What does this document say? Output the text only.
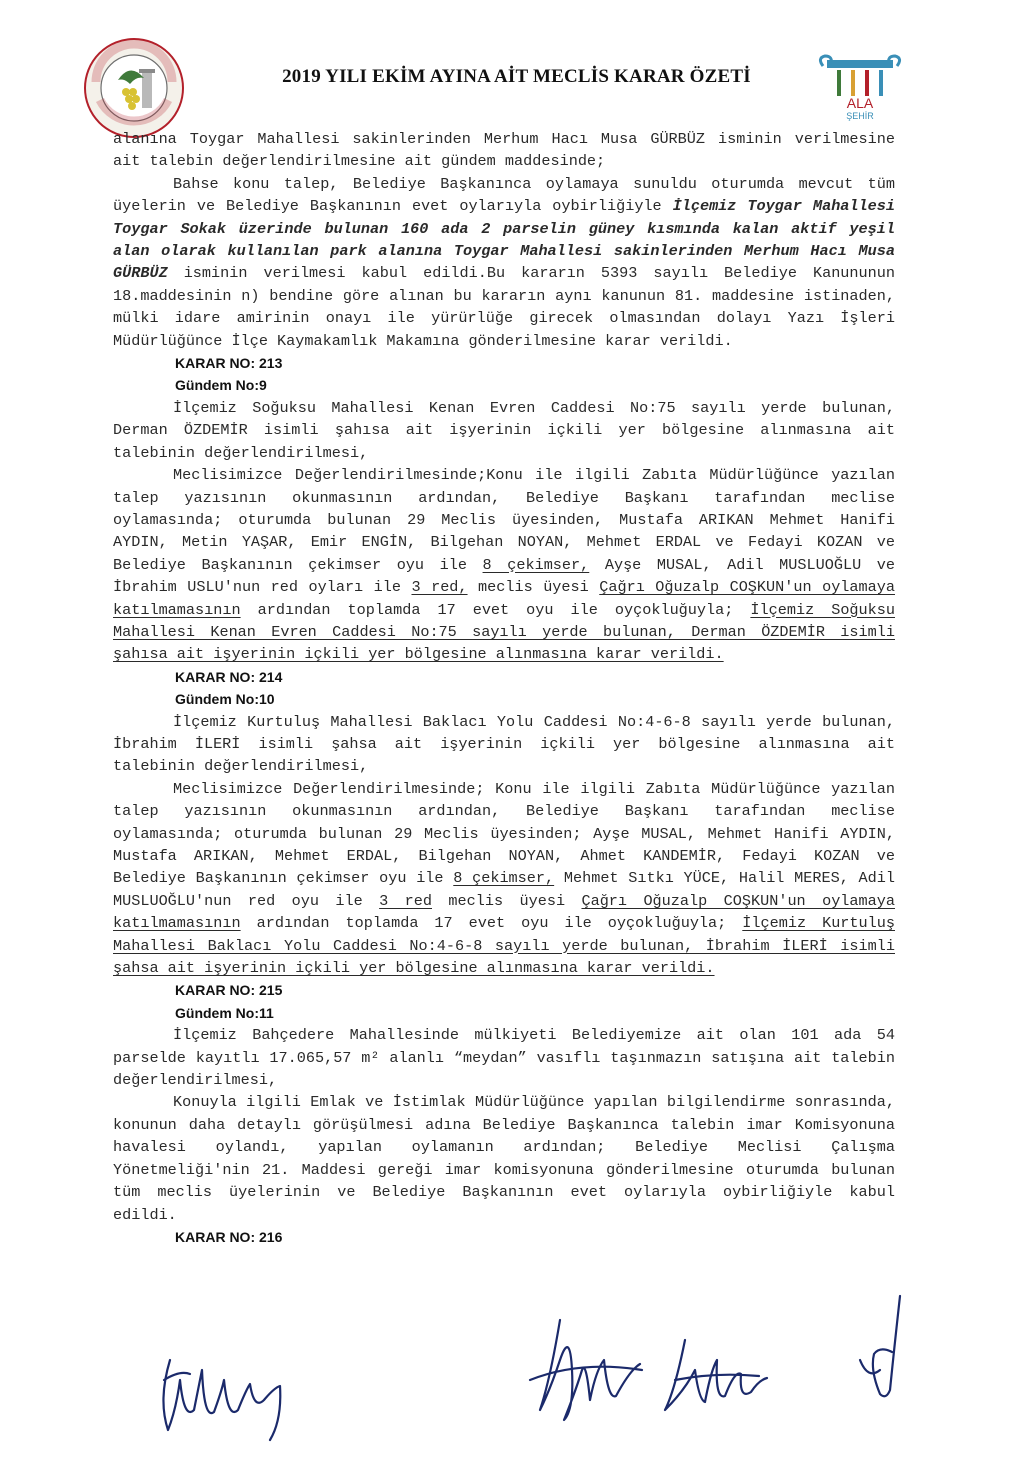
ALA
ŞEHİR
2019 YILI EKİM AYINA AİT MECLİS KARAR ÖZETİ

alanına Toygar Mahallesi sakinlerinden Merhum Hacı Musa GÜRBÜZ isminin verilmesine ait talebin değerlendirilmesine ait gündem maddesinde;

Bahse konu talep, Belediye Başkanınca oylamaya sunuldu oturumda mevcut tüm üyelerin ve Belediye Başkanının evet oylarıyla oybirliğiyle İlçemiz Toygar Mahallesi Toygar Sokak üzerinde bulunan 160 ada 2 parselin güney kısmında kalan aktif yeşil alan olarak kullanılan park alanına Toygar Mahallesi sakinlerinden Merhum Hacı Musa GÜRBÜZ isminin verilmesi kabul edildi.Bu kararın 5393 sayılı Belediye Kanununun 18.maddesinin n) bendine göre alınan bu kararın aynı kanunun 81. maddesine istinaden, mülki idare amirinin onayı ile yürürlüğe girecek olmasından dolayı Yazı İşleri Müdürlüğünce İlçe Kaymakamlık Makamına gönderilmesine karar verildi.

KARAR NO: 213

Gündem No:9

İlçemiz Soğuksu Mahallesi Kenan Evren Caddesi No:75 sayılı yerde bulunan, Derman ÖZDEMİR isimli şahısa ait işyerinin içkili yer bölgesine alınmasına ait talebinin değerlendirilmesi,

Meclisimizce Değerlendirilmesinde;Konu ile ilgili Zabıta Müdürlüğünce yazılan talep yazısının okunmasının ardından, Belediye Başkanı tarafından meclise oylamasında; oturumda bulunan 29 Meclis üyesinden, Mustafa ARIKAN Mehmet Hanifi AYDIN, Metin YAŞAR, Emir ENGİN, Bilgehan NOYAN, Mehmet ERDAL ve Fedayi KOZAN ve Belediye Başkanının çekimser oyu ile 8 çekimser, Ayşe MUSAL, Adil MUSLUOĞLU ve İbrahim USLU'nun red oyları ile 3 red, meclis üyesi Çağrı Oğuzalp COŞKUN'un oylamaya katılmamasının ardından toplamda 17 evet oyu ile oyçokluğuyla; İlçemiz Soğuksu Mahallesi Kenan Evren Caddesi No:75 sayılı yerde bulunan, Derman ÖZDEMİR isimli şahısa ait işyerinin içkili yer bölgesine alınmasına karar verildi.

KARAR NO: 214

Gündem No:10

İlçemiz Kurtuluş Mahallesi Baklacı Yolu Caddesi No:4-6-8 sayılı yerde bulunan, İbrahim İLERİ isimli şahsa ait işyerinin içkili yer bölgesine alınmasına ait talebinin değerlendirilmesi,

Meclisimizce Değerlendirilmesinde; Konu ile ilgili Zabıta Müdürlüğünce yazılan talep yazısının okunmasının ardından, Belediye Başkanı tarafından meclise oylamasında; oturumda bulunan 29 Meclis üyesinden; Ayşe MUSAL, Mehmet Hanifi AYDIN, Mustafa ARIKAN, Mehmet ERDAL, Bilgehan NOYAN, Ahmet KANDEMİR, Fedayi KOZAN ve Belediye Başkanının çekimser oyu ile 8 çekimser, Mehmet Sıtkı YÜCE, Halil MERES, Adil MUSLUOĞLU'nun red oyu ile 3 red meclis üyesi Çağrı Oğuzalp COŞKUN'un oylamaya katılmamasının ardından toplamda 17 evet oyu ile oyçokluğuyla; İlçemiz Kurtuluş Mahallesi Baklacı Yolu Caddesi No:4-6-8 sayılı yerde bulunan, İbrahim İLERİ isimli şahsa ait işyerinin içkili yer bölgesine alınmasına karar verildi.

KARAR NO: 215

Gündem No:11

İlçemiz Bahçedere Mahallesinde mülkiyeti Belediyemize ait olan 101 ada 54 parselde kayıtlı 17.065,57 m² alanlı “meydan” vasıflı taşınmazın satışına ait talebin değerlendirilmesi,

Konuyla ilgili Emlak ve İstimlak Müdürlüğünce yapılan bilgilendirme sonrasında, konunun daha detaylı görüşülmesi adına Belediye Başkanınca talebin imar Komisyonuna havalesi oylandı, yapılan oylamanın ardından; Belediye Meclisi Çalışma Yönetmeliği'nin 21. Maddesi gereği imar komisyonuna gönderilmesine oturumda bulunan tüm meclis üyelerinin ve Belediye Başkanının evet oylarıyla oybirliğiyle kabul edildi.

KARAR NO: 216
